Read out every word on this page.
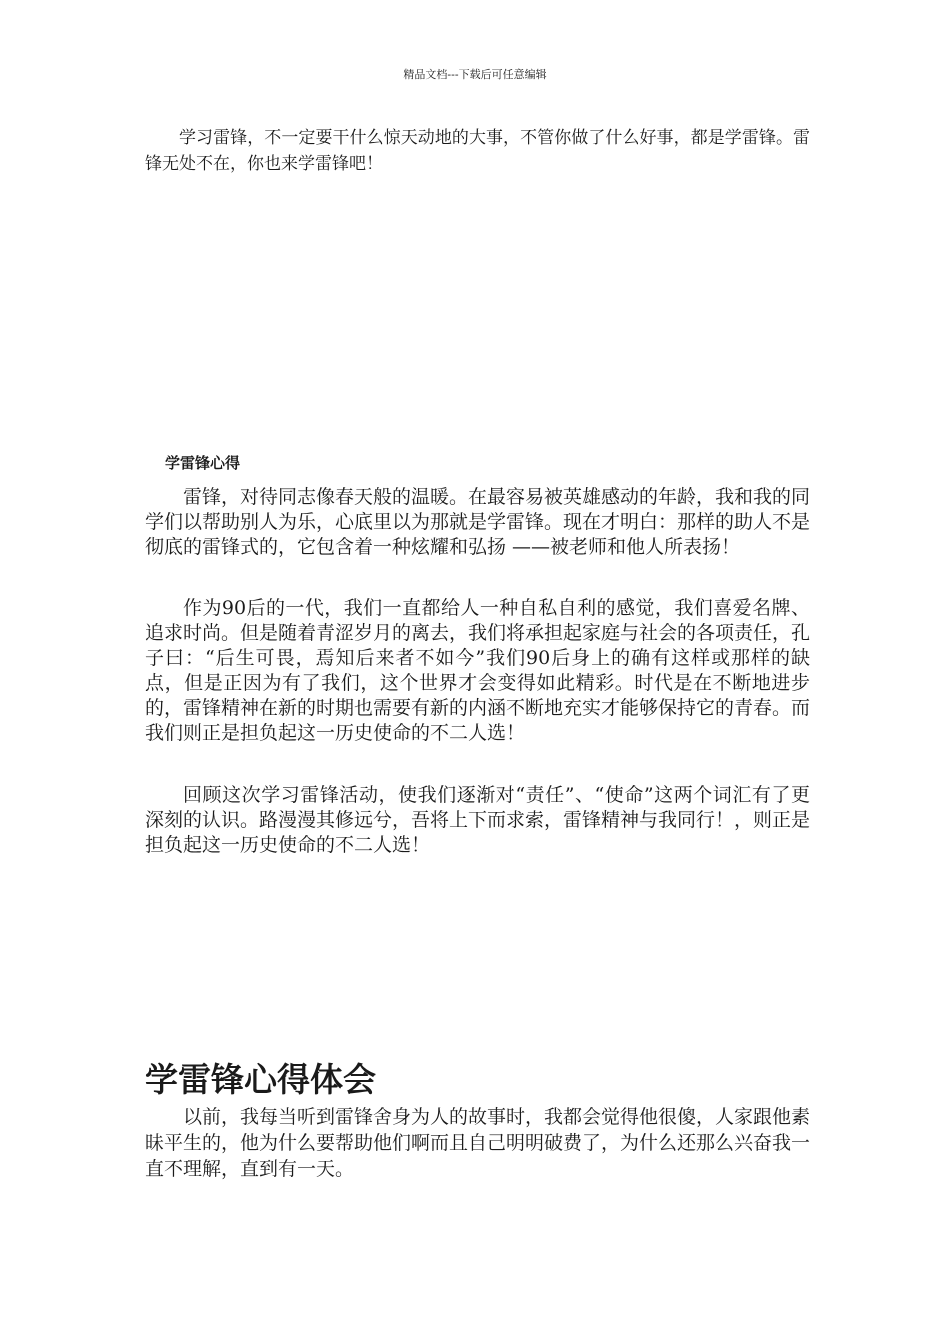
精品文档---下载后可任意编辑

学习雷锋，不一定要干什么惊天动地的大事，不管你做了什么好事，都是学雷锋。雷锋无处不在，你也来学雷锋吧！

学雷锋心得

雷锋，对待同志像春天般的温暖。在最容易被英雄感动的年龄，我和我的同学们以帮助别人为乐，心底里以为那就是学雷锋。现在才明白：那样的助人不是彻底的雷锋式的，它包含着一种炫耀和弘扬 ——被老师和他人所表扬！

作为90后的一代，我们一直都给人一种自私自利的感觉，我们喜爱名牌、追求时尚。但是随着青涩岁月的离去，我们将承担起家庭与社会的各项责任，孔子曰：“后生可畏，焉知后来者不如今”我们90后身上的确有这样或那样的缺点，但是正因为有了我们，这个世界才会变得如此精彩。时代是在不断地进步的，雷锋精神在新的时期也需要有新的内涵不断地充实才能够保持它的青春。而我们则正是担负起这一历史使命的不二人选！

回顾这次学习雷锋活动，使我们逐渐对“责任”、“使命”这两个词汇有了更深刻的认识。路漫漫其修远兮，吾将上下而求索，雷锋精神与我同行！，则正是担负起这一历史使命的不二人选！

学雷锋心得体会

以前，我每当听到雷锋舍身为人的故事时，我都会觉得他很傻，人家跟他素昧平生的，他为什么要帮助他们啊而且自己明明破费了，为什么还那么兴奋我一直不理解，直到有一天。
